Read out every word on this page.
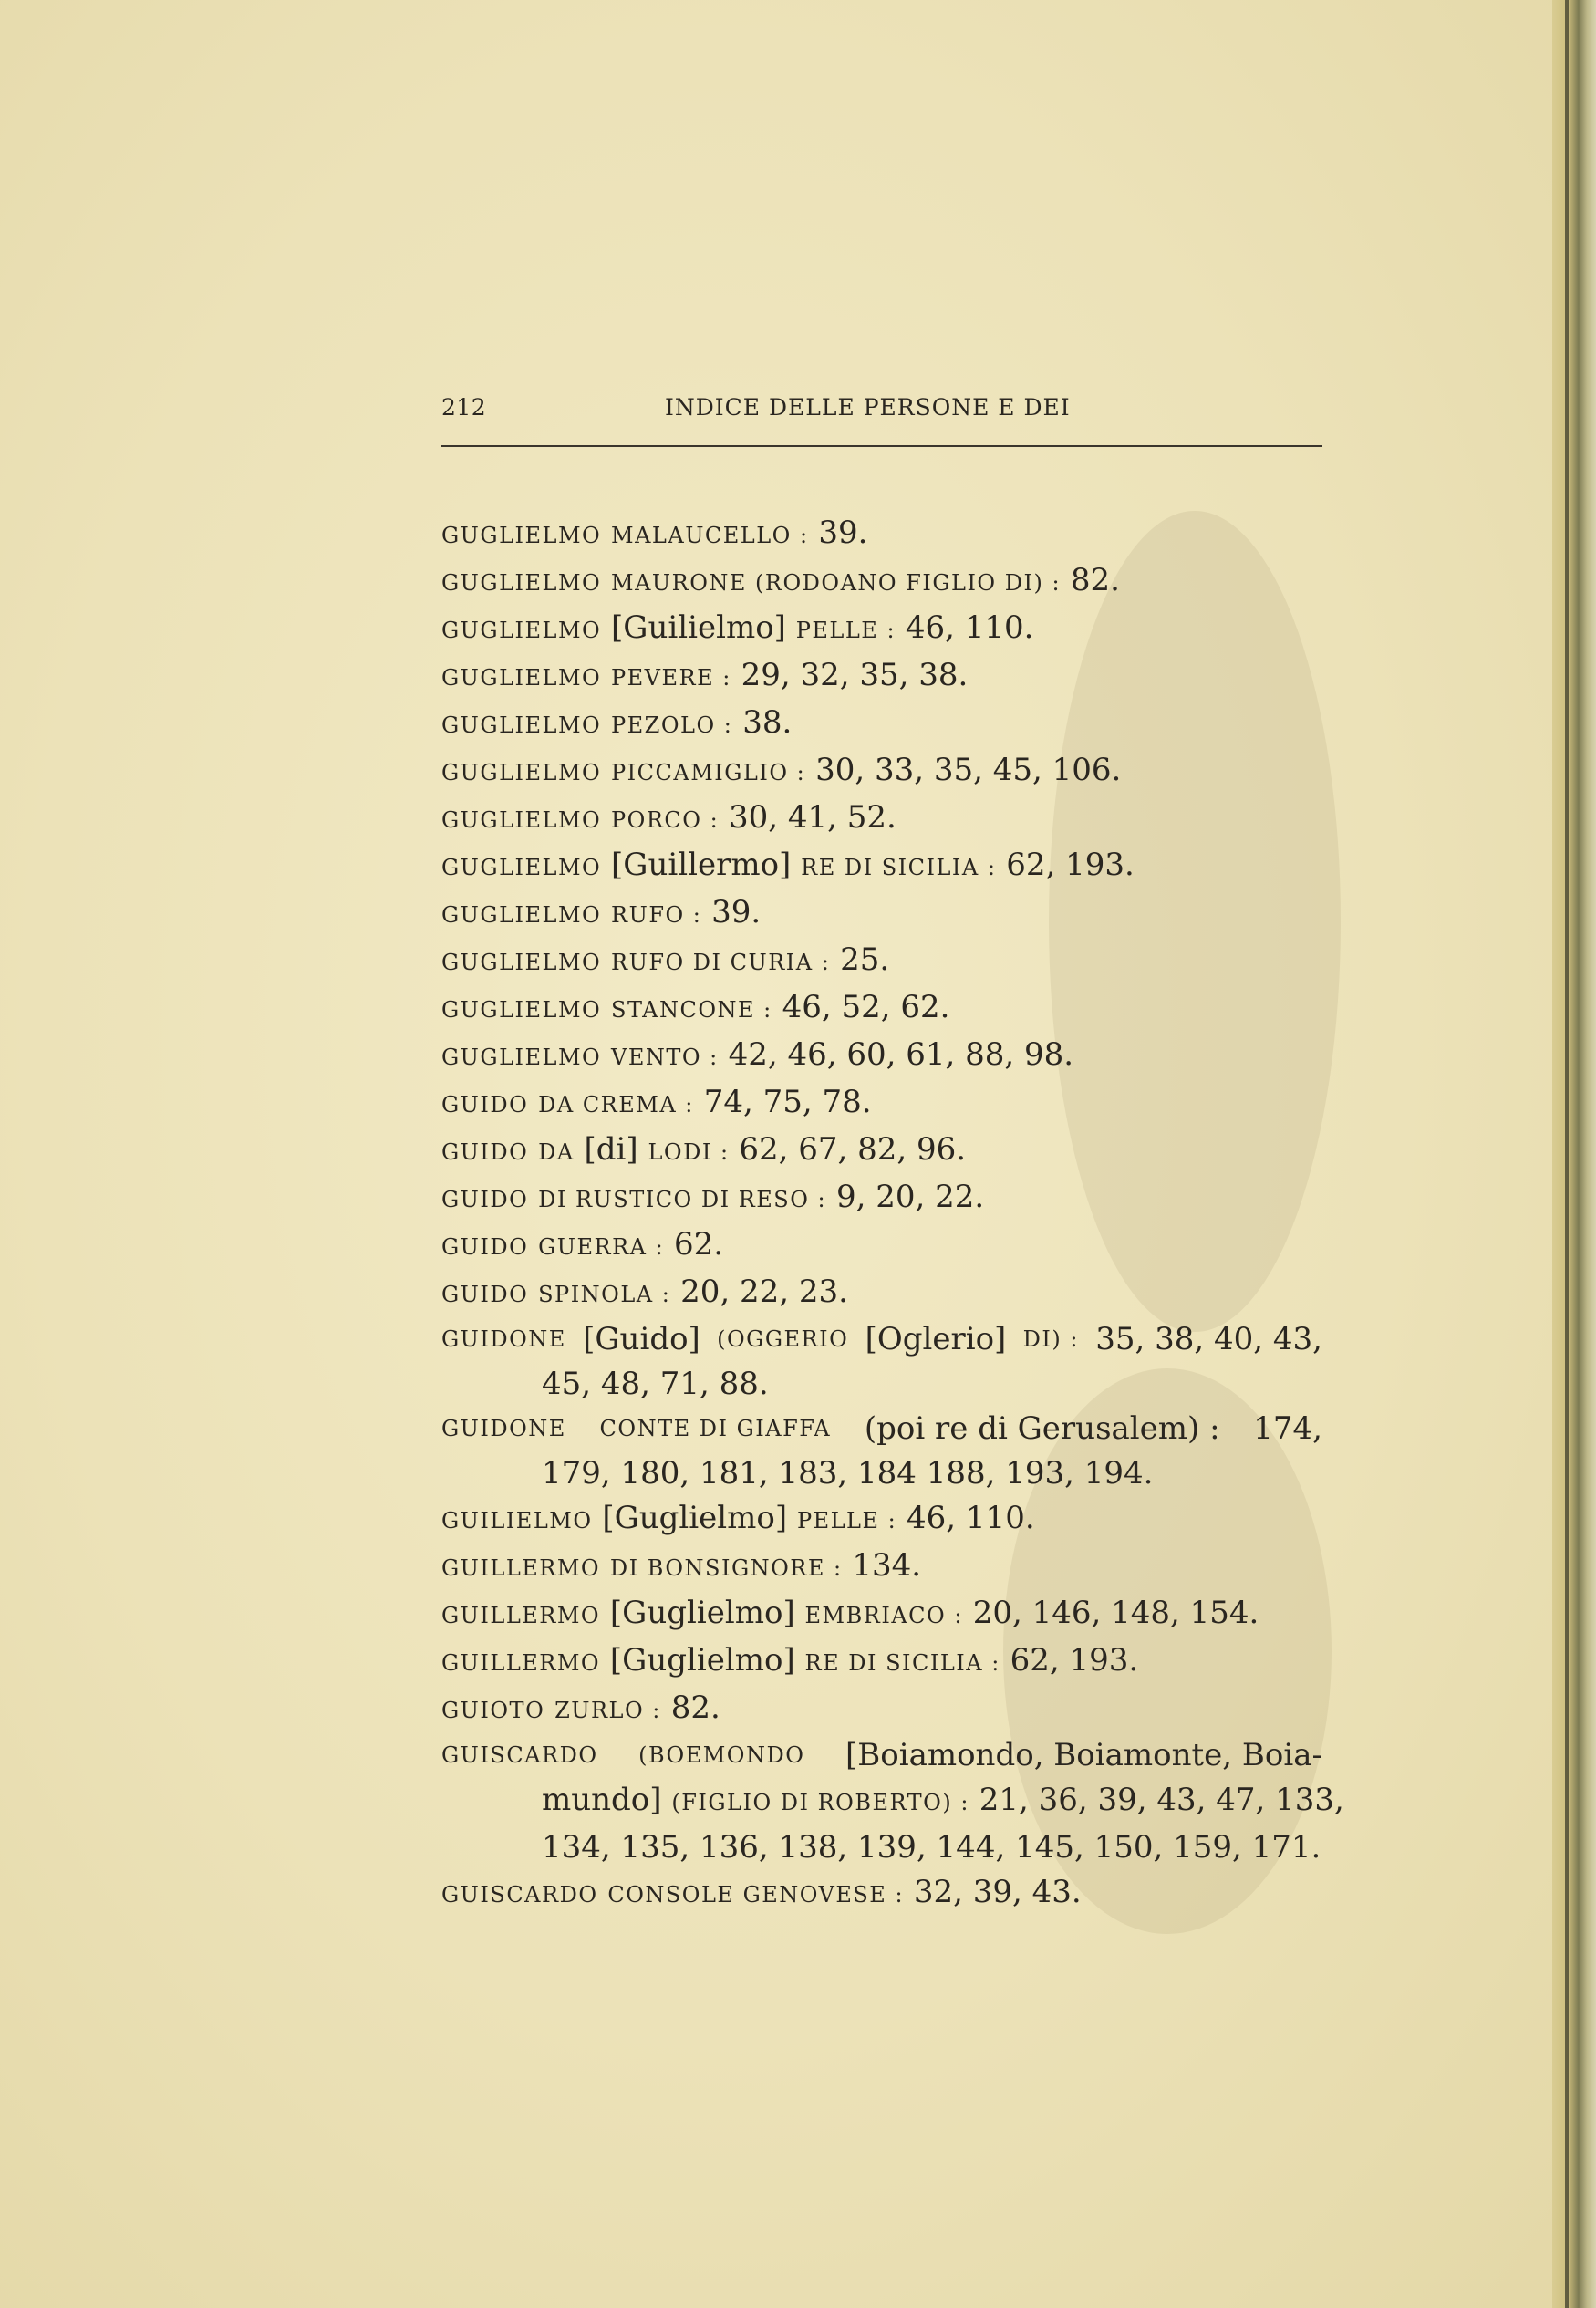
212	INDICE DELLE PERSONE E DEI
GUGLIELMO MALAUCELLO : 39.
GUGLIELMO MAURONE (RODOANO FIGLIO DI) : 82.
GUGLIELMO [Guilielmo] PELLE : 46, 110.
GUGLIELMO PEVERE : 29, 32, 35, 38.
GUGLIELMO PEZOLO : 38.
GUGLIELMO PICCAMIGLIO : 30, 33, 35, 45, 106.
GUGLIELMO PORCO : 30, 41, 52.
GUGLIELMO [Guillermo] RE DI SICILIA : 62, 193.
GUGLIELMO RUFO : 39.
GUGLIELMO RUFO DI CURIA : 25.
GUGLIELMO STANCONE : 46, 52, 62.
GUGLIELMO VENTO : 42, 46, 60, 61, 88, 98.
GUIDO DA CREMA : 74, 75, 78.
GUIDO DA [di] LODI : 62, 67, 82, 96.
GUIDO DI RUSTICO DI RESO : 9, 20, 22.
GUIDO GUERRA : 62.
GUIDO SPINOLA : 20, 22, 23.
GUIDONE [Guido] (OGGERIO [Oglerio] DI) : 35, 38, 40, 43,
45, 48, 71, 88.
GUIDONE CONTE DI GIAFFA (poi re di Gerusalem) : 174,
179, 180, 181, 183, 184 188, 193, 194.
GUILIELMO [Guglielmo] PELLE : 46, 110.
GUILLERMO DI BONSIGNORE : 134.
GUILLERMO [Guglielmo] EMBRIACO : 20, 146, 148, 154.
GUILLERMO [Guglielmo] RE DI SICILIA : 62, 193.
GUIOTO ZURLO : 82.
GUISCARDO (BOEMONDO [Boiamondo, Boiamonte, Boia-
mundo] (FIGLIO DI ROBERTO) : 21, 36, 39, 43, 47, 133,
134, 135, 136, 138, 139, 144, 145, 150, 159, 171.
GUISCARDO CONSOLE GENOVESE : 32, 39, 43.
